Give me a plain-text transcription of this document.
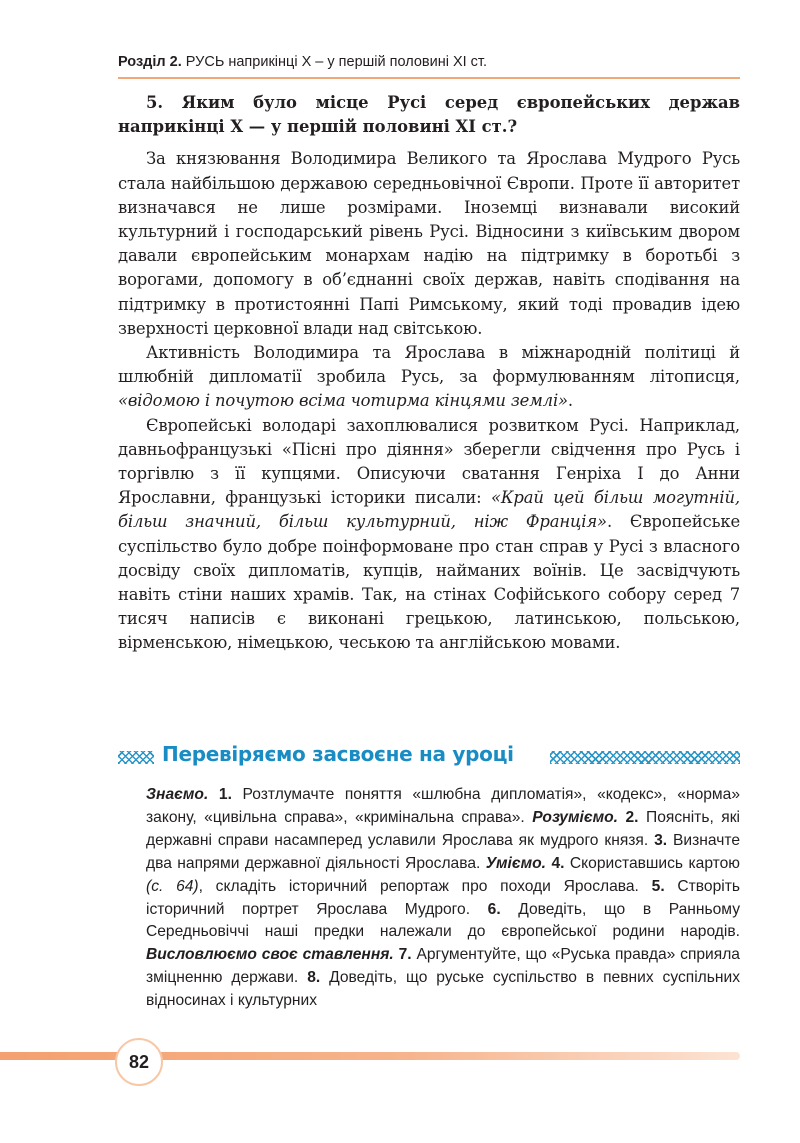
Розділ 2. РУСЬ наприкінці Х – у першій половині ХІ ст.
5. Яким було місце Русі серед європейських держав наприкінці X — у першій половині XI ст.?

За князювання Володимира Великого та Ярослава Мудрого Русь стала найбільшою державою середньовічної Європи. Проте її авторитет визначався не лише розмірами. Іноземці визнавали високий культурний і господарський рівень Русі. Відносини з київським двором давали європейським монархам надію на підтримку в боротьбі з ворогами, допомогу в об’єднанні своїх держав, навіть сподівання на підтримку в протистоянні Папі Римському, який тоді провадив ідею зверхності церковної влади над світською.

Активність Володимира та Ярослава в міжнародній політиці й шлюбній дипломатії зробила Русь, за формулюванням літописця, «відомою і почутою всіма чотирма кінцями землі».

Європейські володарі захоплювалися розвитком Русі. Наприклад, давньофранцузькі «Пісні про діяння» зберегли свідчення про Русь і торгівлю з її купцями. Описуючи сватання Генріха І до Анни Ярославни, французькі історики писали: «Край цей більш могутній, більш значний, більш культурний, ніж Франція». Європейське суспільство було добре поінформоване про стан справ у Русі з власного досвіду своїх дипломатів, купців, найманих воїнів. Це засвідчують навіть стіни наших храмів. Так, на стінах Софійського собору серед 7 тисяч написів є виконані грецькою, латинською, польською, вірменською, німецькою, чеською та англійською мовами.

Перевіряємо засвоєне на уроці
Знаємо. 1. Розтлумачте поняття «шлюбна дипломатія», «кодекс», «норма» закону, «цивільна справа», «кримінальна справа». Розуміємо. 2. Поясніть, які державні справи насамперед уславили Ярослава як мудрого князя. 3. Визначте два напрями державної діяльності Ярослава. Уміємо. 4. Скориставшись картою (с. 64), складіть історичний репортаж про походи Ярослава. 5. Створіть історичний портрет Ярослава Мудрого. 6. Доведіть, що в Ранньому Середньовіччі наші предки належали до європейської родини народів. Висловлюємо своє ставлення. 7. Аргументуйте, що «Руська правда» сприяла зміцненню держави. 8. Доведіть, що руське суспільство в певних суспільних відносинах і культурних
82
